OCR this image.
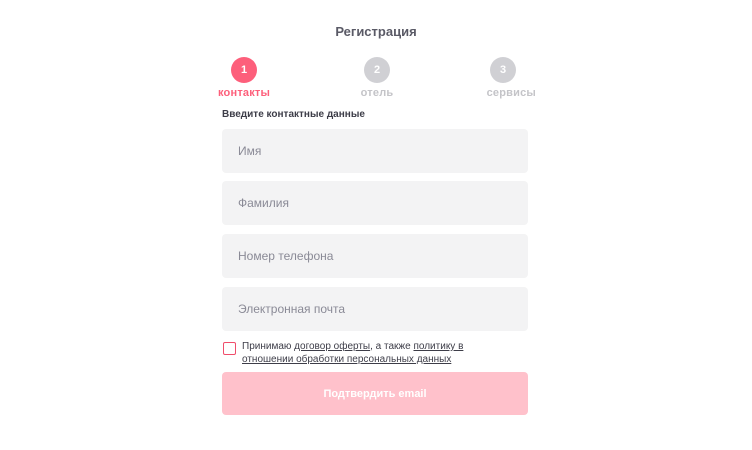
Регистрация
1
контакты
2
отель
3
сервисы
Введите контактные данные
Имя
Фамилия
Номер телефона
Электронная почта
Принимаю договор оферты, а также политику в
отношении обработки персональных данных
Подтвердить email
